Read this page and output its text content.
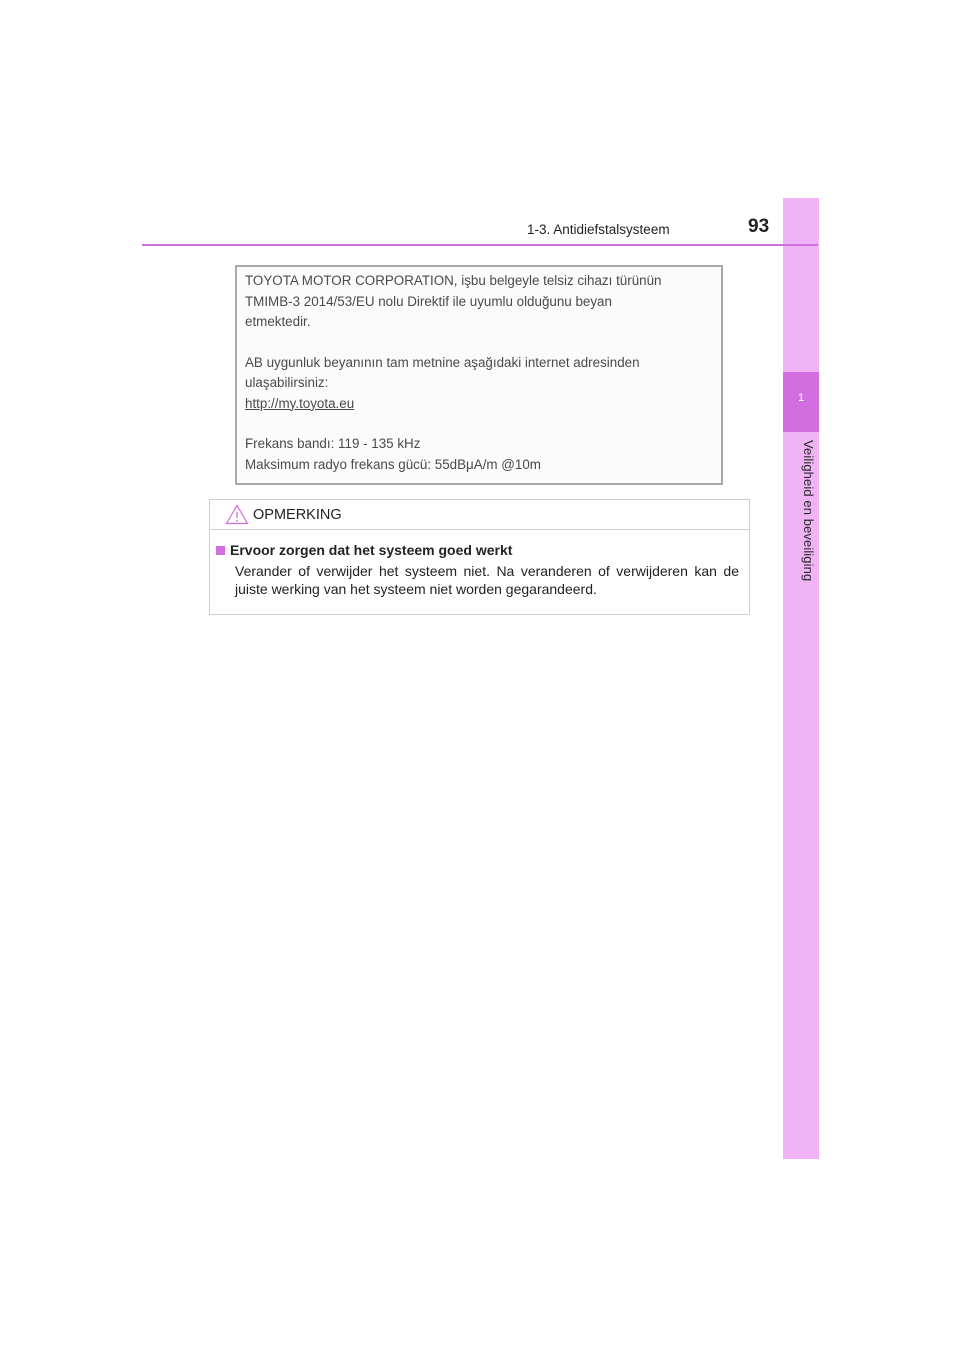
1
Veiligheid en beveiliging
1-3. Antidiefstalsysteem	93

TOYOTA MOTOR CORPORATION, işbu belgeyle telsiz cihazı türünün

TMIMB-3 2014/53/EU nolu Direktif ile uyumlu olduğunu beyan

etmektedir.

AB uygunluk beyanının tam metnine aşağıdaki internet adresinden

ulaşabilirsiniz:

http://my.toyota.eu

Frekans bandı: 119 - 135 kHz

Maksimum radyo frekans gücü: 55dBμA/m @10m

OPMERKING
Ervoor zorgen dat het systeem goed werkt

Verander of verwijder het systeem niet. Na veranderen of verwijderen kan de juiste werking van het systeem niet worden gegarandeerd.
